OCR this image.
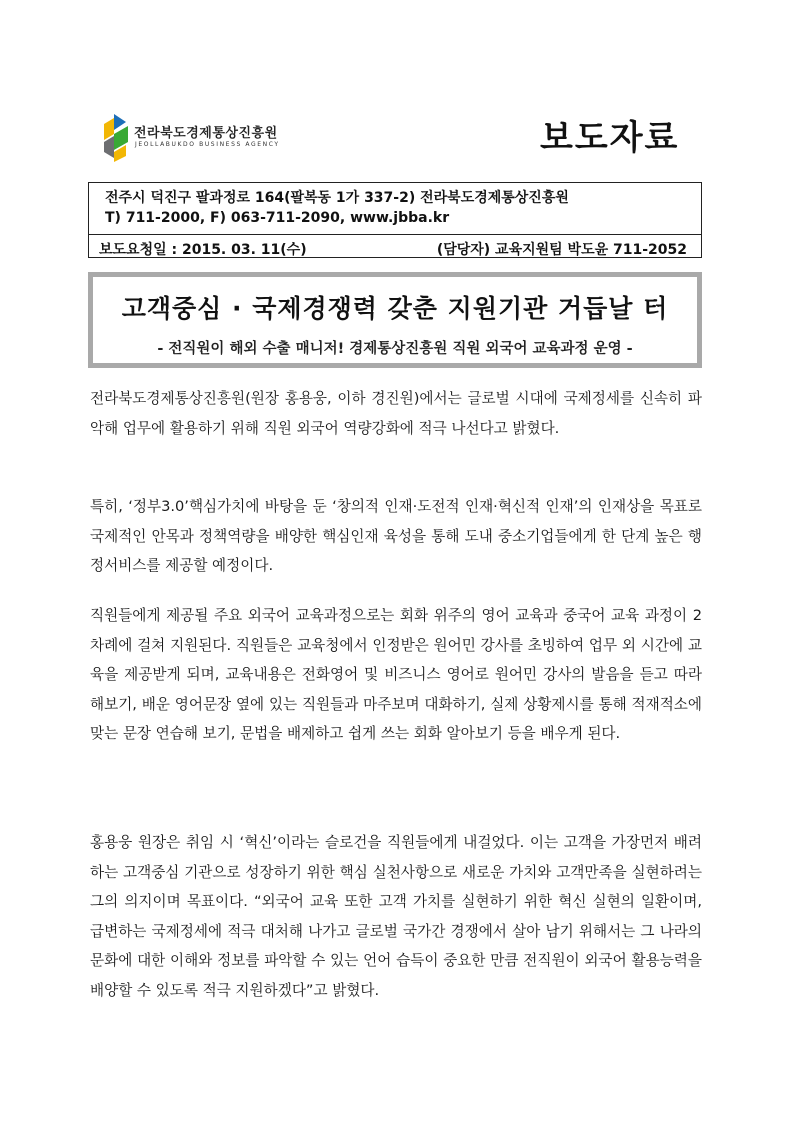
전라북도경제통상진흥원
JEOLLABUKDO BUSINESS AGENCY	보도자료
전주시 덕진구 팔과정로 164(팔복동 1가 337-2) 전라북도경제통상진흥원
T) 711-2000, F) 063-711-2090, www.jbba.kr
보도요청일 : 2015. 03. 11(수)	(담당자) 교육지원팀 박도윤 711-2052
고객중심 · 국제경쟁력 갖춘 지원기관 거듭날 터
- 전직원이 해외 수출 매니저! 경제통상진흥원 직원 외국어 교육과정 운영 -

전라북도경제통상진흥원(원장 홍용웅, 이하 경진원)에서는 글로벌 시대에 국제정세를 신속히 파악해 업무에 활용하기 위해 직원 외국어 역량강화에 적극 나선다고 밝혔다.

특히, ‘정부3.0’핵심가치에 바탕을 둔 ‘창의적 인재·도전적 인재·혁신적 인재’의 인재상을 목표로 국제적인 안목과 정책역량을 배양한 핵심인재 육성을 통해 도내 중소기업들에게 한 단계 높은 행정서비스를 제공할 예정이다.

직원들에게 제공될 주요 외국어 교육과정으로는 회화 위주의 영어 교육과 중국어 교육 과정이 2차례에 걸쳐 지원된다. 직원들은 교육청에서 인정받은 원어민 강사를 초빙하여 업무 외 시간에 교육을 제공받게 되며, 교육내용은 전화영어 및 비즈니스 영어로 원어민 강사의 발음을 듣고 따라 해보기, 배운 영어문장 옆에 있는 직원들과 마주보며 대화하기, 실제 상황제시를 통해 적재적소에 맞는 문장 연습해 보기, 문법을 배제하고 쉽게 쓰는 회화 알아보기 등을 배우게 된다.

홍용웅 원장은 취임 시 ‘혁신’이라는 슬로건을 직원들에게 내걸었다. 이는 고객을 가장먼저 배려하는 고객중심 기관으로 성장하기 위한 핵심 실천사항으로 새로운 가치와 고객만족을 실현하려는 그의 의지이며 목표이다. “외국어 교육 또한 고객 가치를 실현하기 위한 혁신 실현의 일환이며, 급변하는 국제정세에 적극 대처해 나가고 글로벌 국가간 경쟁에서 살아 남기 위해서는 그 나라의 문화에 대한 이해와 정보를 파악할 수 있는 언어 습득이 중요한 만큼 전직원이 외국어 활용능력을 배양할 수 있도록 적극 지원하겠다”고 밝혔다.
